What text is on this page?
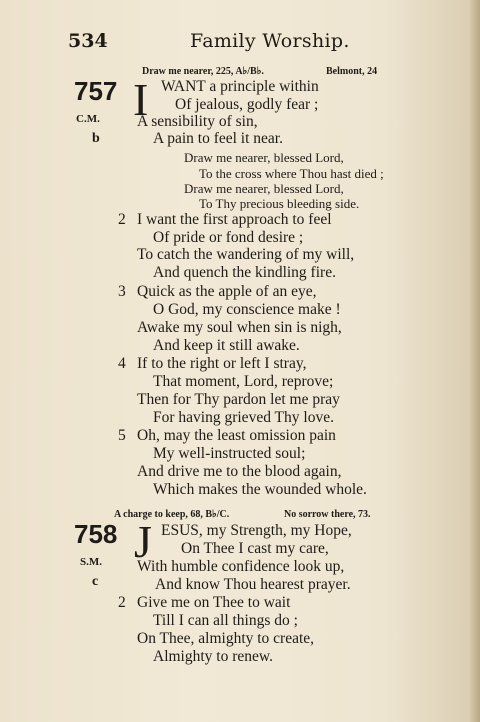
534	Family Worship.
Draw me nearer, 225, A♭/B♭.	Belmont, 24
757
C.M.
b
I WANT a principle within
Of jealous, godly fear ;
A sensibility of sin,
A pain to feel it near.
Draw me nearer, blessed Lord,
To the cross where Thou hast died ;
Draw me nearer, blessed Lord,
To Thy precious bleeding side.
2 I want the first approach to feel
Of pride or fond desire ;
To catch the wandering of my will,
And quench the kindling fire.
3 Quick as the apple of an eye,
O God, my conscience make !
Awake my soul when sin is nigh,
And keep it still awake.
4 If to the right or left I stray,
That moment, Lord, reprove;
Then for Thy pardon let me pray
For having grieved Thy love.
5 Oh, may the least omission pain
My well-instructed soul;
And drive me to the blood again,
Which makes the wounded whole.
A charge to keep, 68, B♭/C.	No sorrow there, 73.
758
S.M.
c
J ESUS, my Strength, my Hope,
On Thee I cast my care,
With humble confidence look up,
And know Thou hearest prayer.
2 Give me on Thee to wait
Till I can all things do ;
On Thee, almighty to create,
Almighty to renew.
